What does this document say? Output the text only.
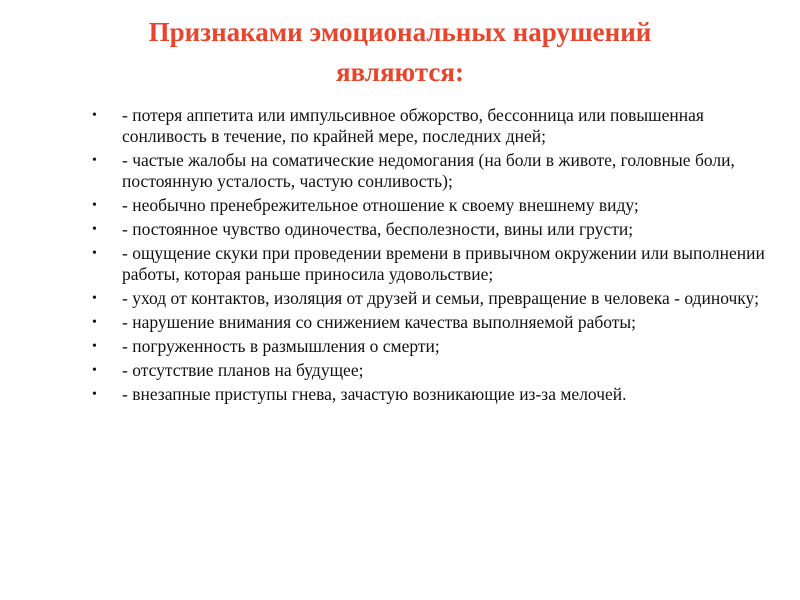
Признаками эмоциональных нарушений
являются:
•	- потеря аппетита или импульсивное обжорство, бессонница или повышенная сонливость в течение, по крайней мере, последних дней;
•	- частые жалобы на соматические недомогания (на боли в животе, головные боли, постоянную усталость, частую сонливость);
•	- необычно пренебрежительное отношение к своему внешнему виду;
•	- постоянное чувство одиночества, бесполезности, вины или грусти;
•	- ощущение скуки при проведении времени в привычном окружении или выполнении работы, которая раньше приносила удовольствие;
•	- уход от контактов, изоляция от друзей и семьи, превращение в человека - одиночку;
•	- нарушение внимания со снижением качества выполняемой работы;
•	- погруженность в размышления о смерти;
•	- отсутствие планов на будущее;
•	- внезапные приступы гнева, зачастую возникающие из-за мелочей.
